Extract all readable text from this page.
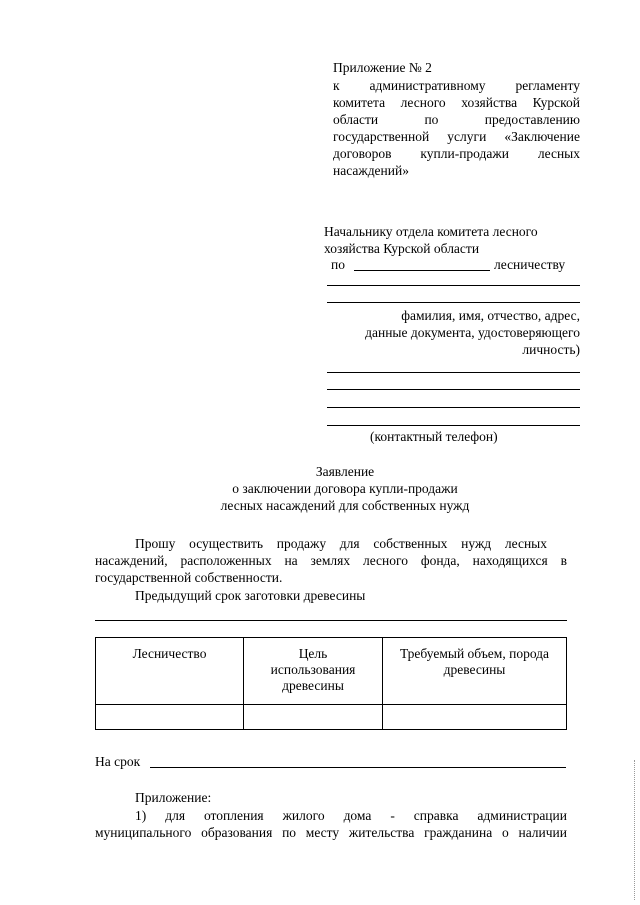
Приложение № 2
к административному регламенту
комитета лесного хозяйства Курской
области по предоставлению
государственной услуги «Заключение
договоров купли-продажи лесных
насаждений»
Начальнику отдела комитета лесного
хозяйства Курской области
по	лесничеству
фамилия, имя, отчество, адрес,
данные документа, удостоверяющего
личность)
(контактный телефон)
Заявление
о заключении договора купли-продажи
лесных насаждений для собственных нужд
Прошу осуществить продажу для собственных нужд лесных
насаждений, расположенных на землях лесного фонда, находящихся в
государственной собственности.
Предыдущий срок заготовки древесины
Лесничество	Цель использования древесины	Требуемый объем, порода древесины

На срок
Приложение:
1) для отопления жилого дома - справка администрации
муниципального образования по месту жительства гражданина о наличии
